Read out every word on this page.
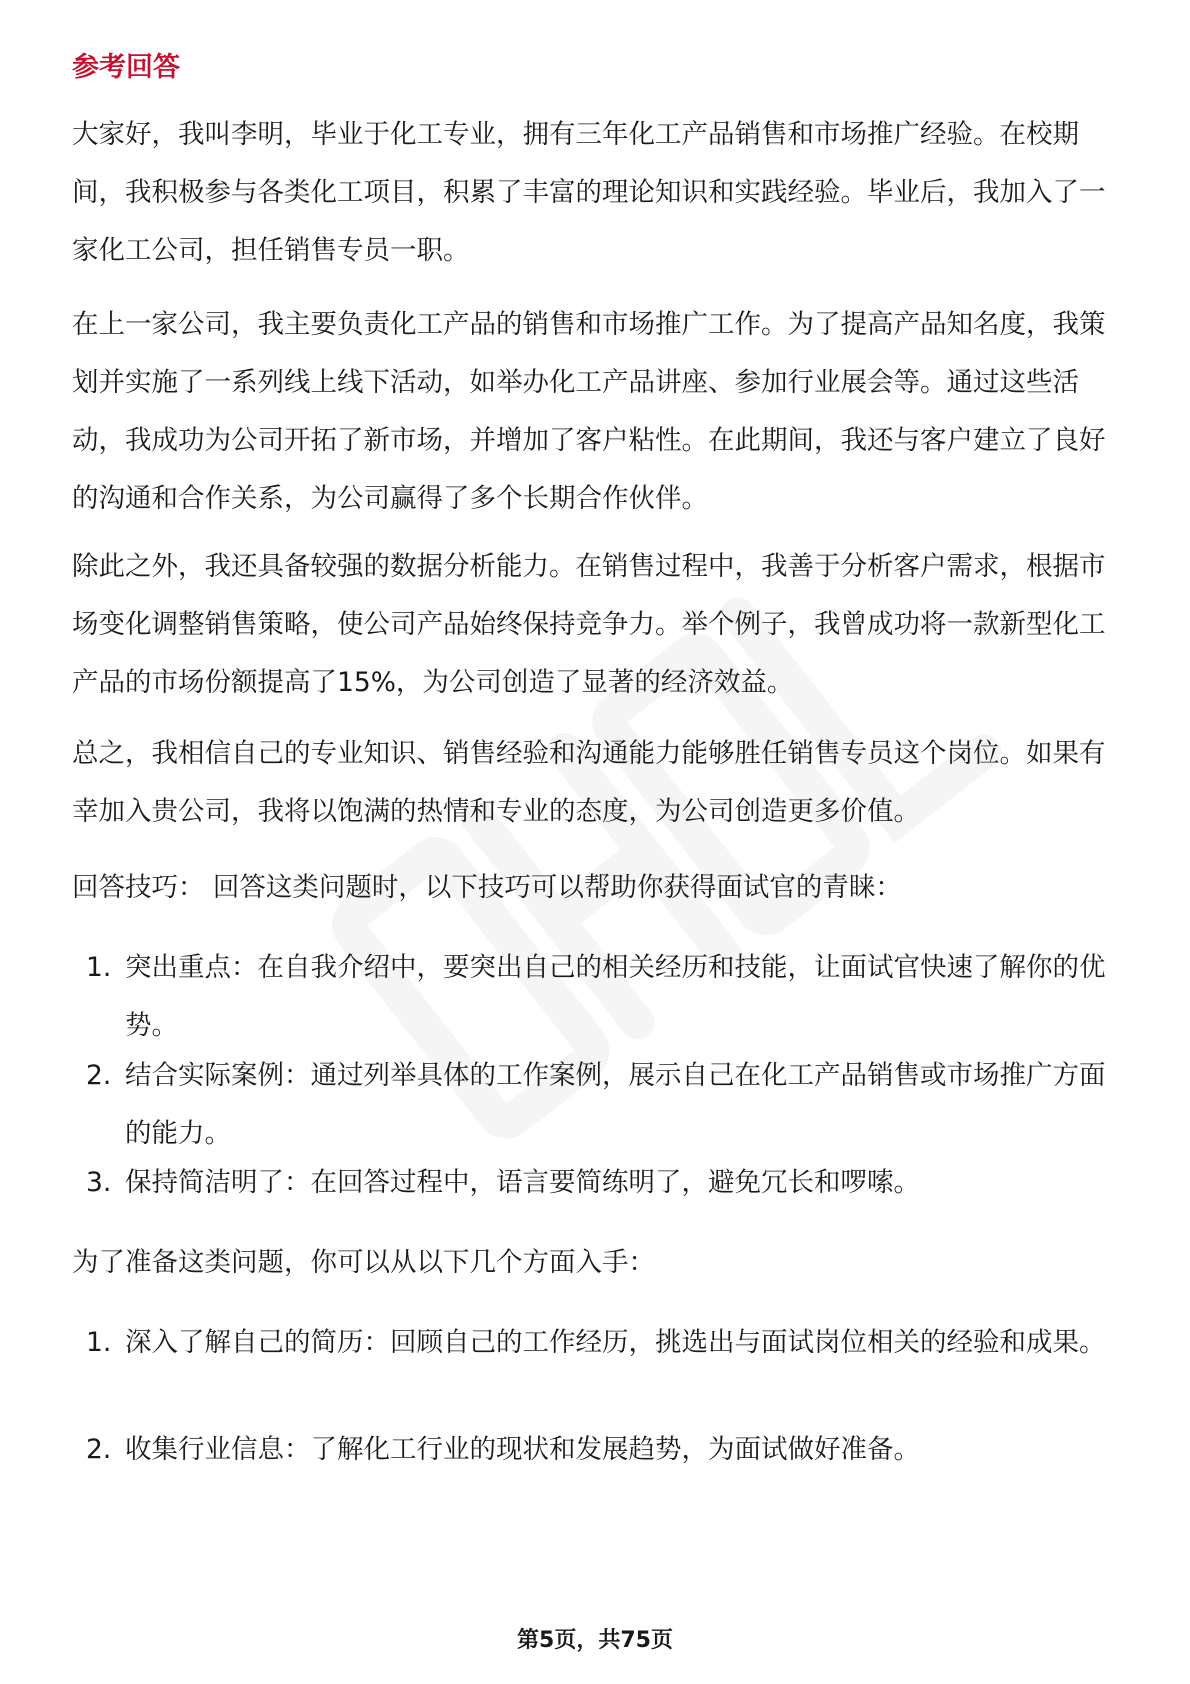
参考回答

大家好，我叫李明，毕业于化工专业，拥有三年化工产品销售和市场推广经验。在校期间，我积极参与各类化工项目，积累了丰富的理论知识和实践经验。毕业后，我加入了一家化工公司，担任销售专员一职。

在上一家公司，我主要负责化工产品的销售和市场推广工作。为了提高产品知名度，我策划并实施了一系列线上线下活动，如举办化工产品讲座、参加行业展会等。通过这些活动，我成功为公司开拓了新市场，并增加了客户粘性。在此期间，我还与客户建立了良好的沟通和合作关系，为公司赢得了多个长期合作伙伴。

除此之外，我还具备较强的数据分析能力。在销售过程中，我善于分析客户需求，根据市场变化调整销售策略，使公司产品始终保持竞争力。举个例子，我曾成功将一款新型化工产品的市场份额提高了15%，为公司创造了显著的经济效益。

总之，我相信自己的专业知识、销售经验和沟通能力能够胜任销售专员这个岗位。如果有幸加入贵公司，我将以饱满的热情和专业的态度，为公司创造更多价值。

回答技巧： 回答这类问题时，以下技巧可以帮助你获得面试官的青睐：

1. 突出重点：在自我介绍中，要突出自己的相关经历和技能，让面试官快速了解你的优势。
2. 结合实际案例：通过列举具体的工作案例，展示自己在化工产品销售或市场推广方面的能力。
3. 保持简洁明了：在回答过程中，语言要简练明了，避免冗长和啰嗦。

为了准备这类问题，你可以从以下几个方面入手：

1. 深入了解自己的简历：回顾自己的工作经历，挑选出与面试岗位相关的经验和成果。
2. 收集行业信息：了解化工行业的现状和发展趋势，为面试做好准备。
第5页，共75页
